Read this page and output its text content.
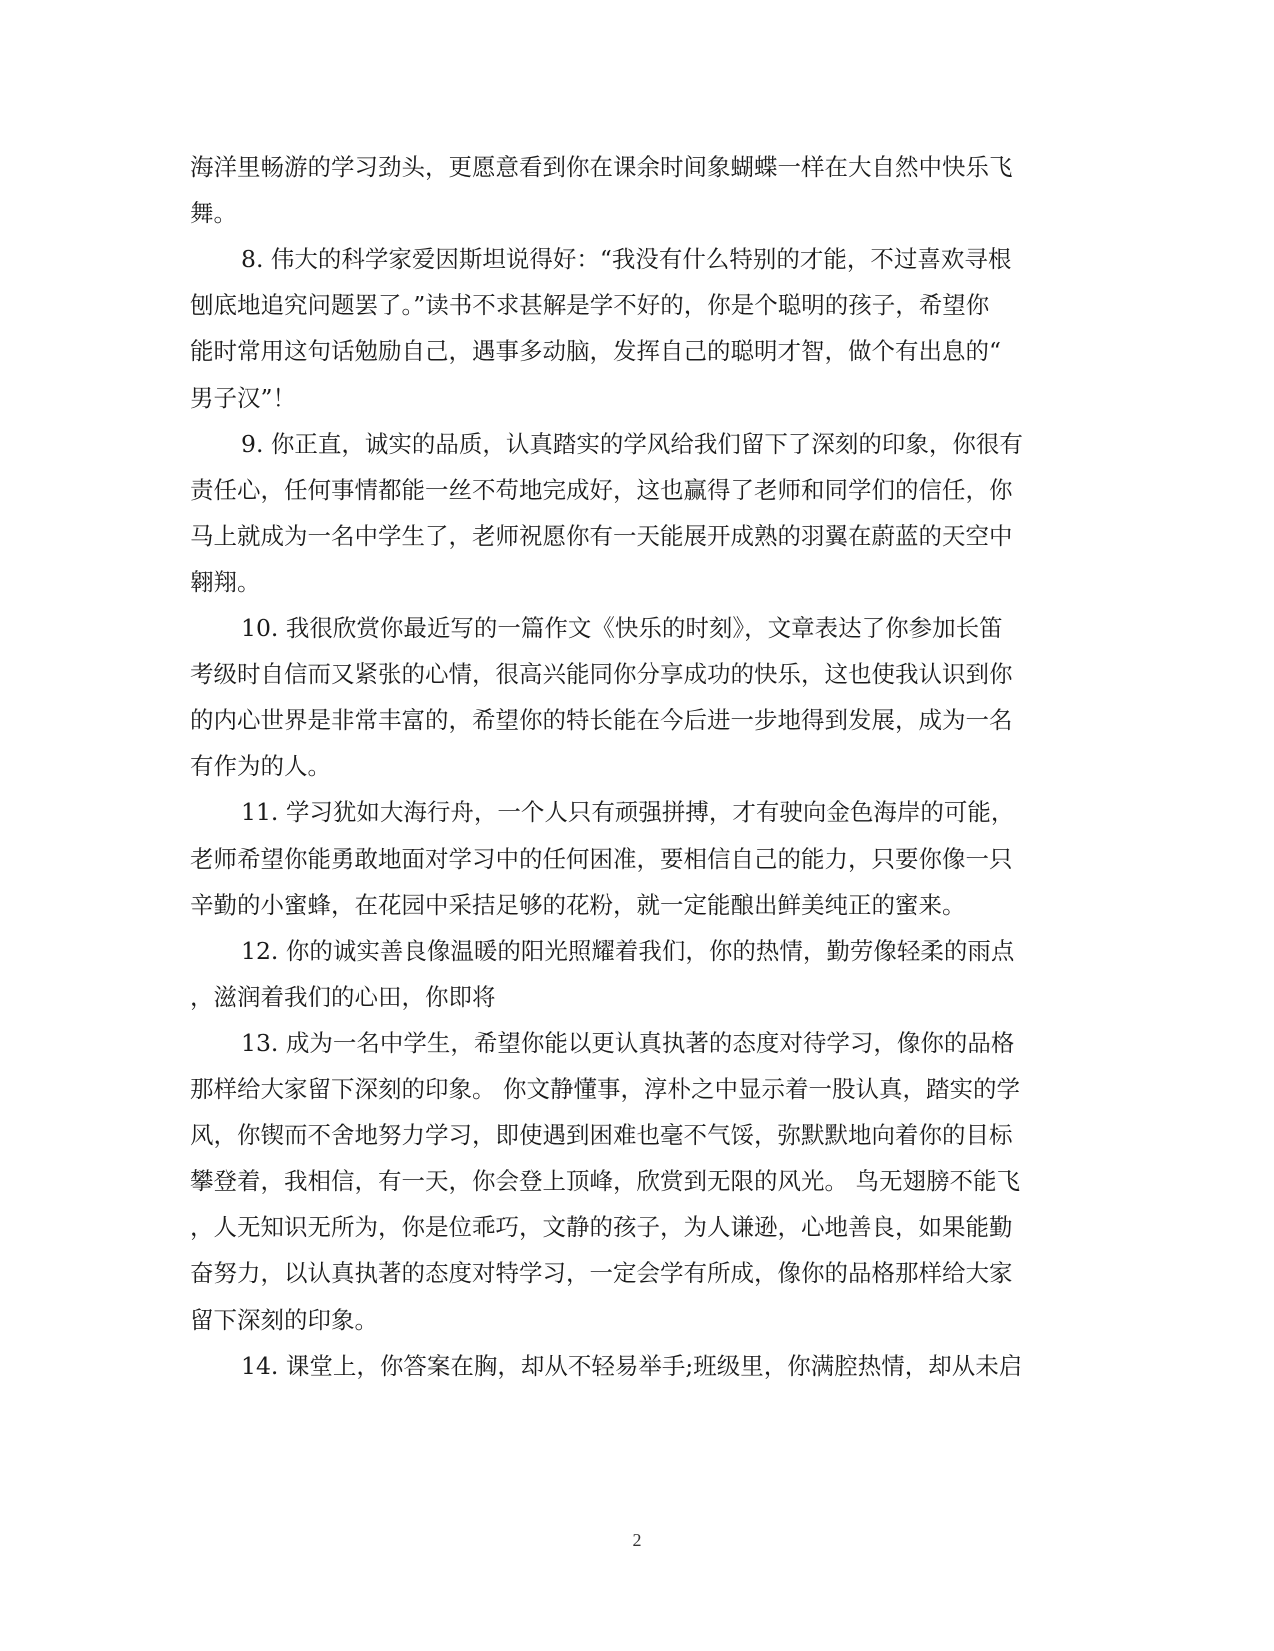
海洋里畅游的学习劲头，更愿意看到你在课余时间象蝴蝶一样在大自然中快乐飞
舞。
8. 伟大的科学家爱因斯坦说得好：“我没有什么特别的才能，不过喜欢寻根
刨底地追究问题罢了。”读书不求甚解是学不好的，你是个聪明的孩子，希望你
能时常用这句话勉励自己，遇事多动脑，发挥自己的聪明才智，做个有出息的“
男子汉”！
9. 你正直，诚实的品质，认真踏实的学风给我们留下了深刻的印象，你很有
责任心，任何事情都能一丝不苟地完成好，这也赢得了老师和同学们的信任，你
马上就成为一名中学生了，老师祝愿你有一天能展开成熟的羽翼在蔚蓝的天空中
翱翔。
10. 我很欣赏你最近写的一篇作文《快乐的时刻》，文章表达了你参加长笛
考级时自信而又紧张的心情，很高兴能同你分享成功的快乐，这也使我认识到你
的内心世界是非常丰富的，希望你的特长能在今后进一步地得到发展，成为一名
有作为的人。
11. 学习犹如大海行舟，一个人只有顽强拼搏，才有驶向金色海岸的可能，
老师希望你能勇敢地面对学习中的任何困准，要相信自己的能力，只要你像一只
辛勤的小蜜蜂，在花园中采拮足够的花粉，就一定能酿出鲜美纯正的蜜来。
12. 你的诚实善良像温暖的阳光照耀着我们，你的热情，勤劳像轻柔的雨点
，滋润着我们的心田，你即将
13. 成为一名中学生，希望你能以更认真执著的态度对待学习，像你的品格
那样给大家留下深刻的印象。 你文静懂事，淳朴之中显示着一股认真，踏实的学
风，你锲而不舍地努力学习，即使遇到困难也毫不气馁，弥默默地向着你的目标
攀登着，我相信，有一天，你会登上顶峰，欣赏到无限的风光。 鸟无翅膀不能飞
，人无知识无所为，你是位乖巧，文静的孩子，为人谦逊，心地善良，如果能勤
奋努力，以认真执著的态度对特学习，一定会学有所成，像你的品格那样给大家
留下深刻的印象。
14. 课堂上，你答案在胸，却从不轻易举手;班级里，你满腔热情，却从未启
2
